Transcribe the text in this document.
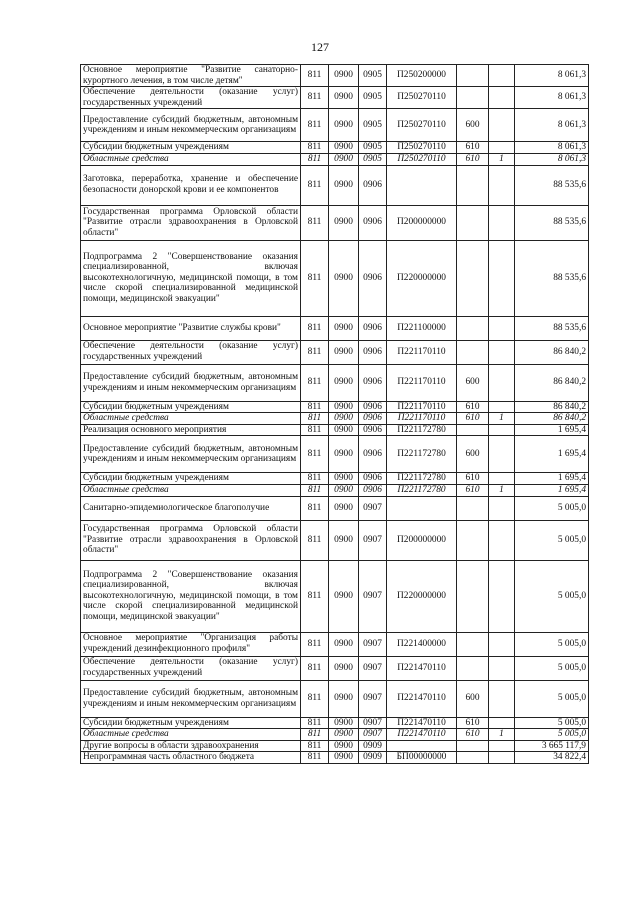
127
Основное мероприятие "Развитие санаторно-курортного лечения, в том числе детям"	811	0900	0905	П250200000			8 061,3
Обеспечение деятельности (оказание услуг) государственных учреждений	811	0900	0905	П250270110			8 061,3
Предоставление субсидий бюджетным, автономным учреждениям и иным некоммерческим организациям	811	0900	0905	П250270110	600		8 061,3
Субсидии бюджетным учреждениям	811	0900	0905	П250270110	610		8 061,3
Областные средства	811	0900	0905	П250270110	610	1	8 061,3
Заготовка, переработка, хранение и обеспечение безопасности донорской крови и ее компонентов	811	0900	0906				88 535,6
Государственная программа Орловской области "Развитие отрасли здравоохранения в Орловской области"	811	0900	0906	П200000000			88 535,6
Подпрограмма 2 "Совершенствование оказания специализированной, включая высокотехнологичную, медицинской помощи, в том числе скорой специализированной медицинской помощи, медицинской эвакуации"	811	0900	0906	П220000000			88 535,6
Основное мероприятие "Развитие службы крови"	811	0900	0906	П221100000			88 535,6
Обеспечение деятельности (оказание услуг) государственных учреждений	811	0900	0906	П221170110			86 840,2
Предоставление субсидий бюджетным, автономным учреждениям и иным некоммерческим организациям	811	0900	0906	П221170110	600		86 840,2
Субсидии бюджетным учреждениям	811	0900	0906	П221170110	610		86 840,2
Областные средства	811	0900	0906	П221170110	610	1	86 840,2
Реализация основного мероприятия	811	0900	0906	П221172780			1 695,4
Предоставление субсидий бюджетным, автономным учреждениям и иным некоммерческим организациям	811	0900	0906	П221172780	600		1 695,4
Субсидии бюджетным учреждениям	811	0900	0906	П221172780	610		1 695,4
Областные средства	811	0900	0906	П221172780	610	1	1 695,4
Санитарно-эпидемиологическое благополучие	811	0900	0907				5 005,0
Государственная программа Орловской области "Развитие отрасли здравоохранения в Орловской области"	811	0900	0907	П200000000			5 005,0
Подпрограмма 2 "Совершенствование оказания специализированной, включая высокотехнологичную, медицинской помощи, в том числе скорой специализированной медицинской помощи, медицинской эвакуации"	811	0900	0907	П220000000			5 005,0
Основное мероприятие "Организация работы учреждений дезинфекционного профиля"	811	0900	0907	П221400000			5 005,0
Обеспечение деятельности (оказание услуг) государственных учреждений	811	0900	0907	П221470110			5 005,0
Предоставление субсидий бюджетным, автономным учреждениям и иным некоммерческим организациям	811	0900	0907	П221470110	600		5 005,0
Субсидии бюджетным учреждениям	811	0900	0907	П221470110	610		5 005,0
Областные средства	811	0900	0907	П221470110	610	1	5 005,0
Другие вопросы в области здравоохранения	811	0900	0909				3 665 117,9
Непрограммная часть областного бюджета	811	0900	0909	БП00000000			34 822,4
